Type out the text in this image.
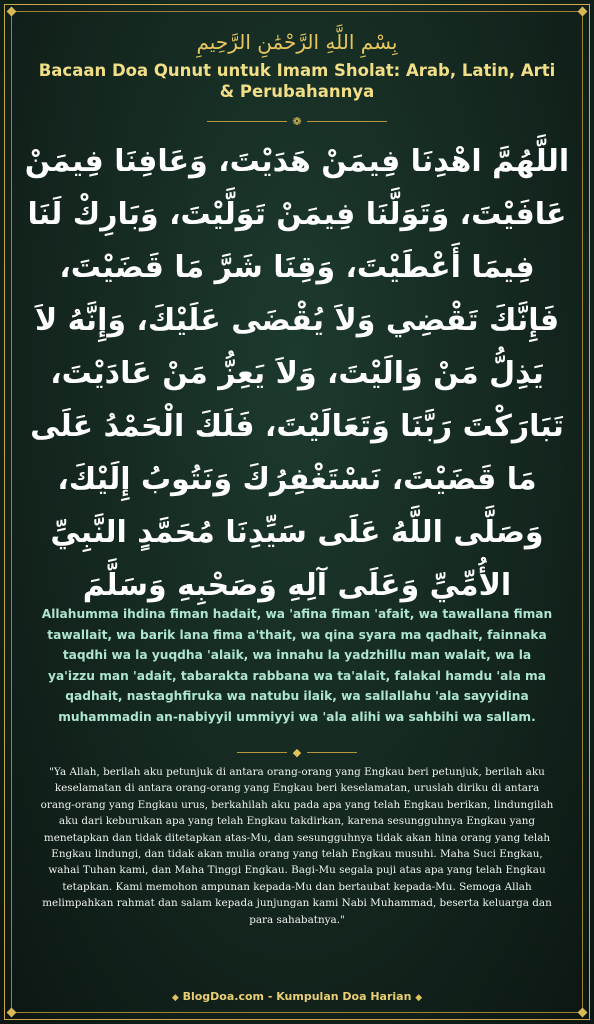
بِسْمِ اللَّهِ الرَّحْمَٰنِ الرَّحِيمِ
Bacaan Doa Qunut untuk Imam Sholat: Arab, Latin, Arti & Perubahannya
❁
اللَّهُمَّ اهْدِنَا فِيمَنْ هَدَيْتَ، وَعَافِنَا فِيمَنْ عَافَيْتَ، وَتَوَلَّنَا فِيمَنْ تَوَلَّيْتَ، وَبَارِكْ لَنَا فِيمَا أَعْطَيْتَ، وَقِنَا شَرَّ مَا قَضَيْتَ، فَإِنَّكَ تَقْضِي وَلاَ يُقْضَى عَلَيْكَ، وَإِنَّهُ لاَ يَذِلُّ مَنْ وَالَيْتَ، وَلاَ يَعِزُّ مَنْ عَادَيْتَ، تَبَارَكْتَ رَبَّنَا وَتَعَالَيْتَ، فَلَكَ الْحَمْدُ عَلَى مَا قَضَيْتَ، نَسْتَغْفِرُكَ وَنَتُوبُ إِلَيْكَ، وَصَلَّى اللَّهُ عَلَى سَيِّدِنَا مُحَمَّدٍ النَّبِيِّ الأُمِّيِّ وَعَلَى آلِهِ وَصَحْبِهِ وَسَلَّمَ
Allahumma ihdina fiman hadait, wa 'afina fiman 'afait, wa tawallana fiman tawallait, wa barik lana fima a'thait, wa qina syara ma qadhait, fainnaka taqdhi wa la yuqdha 'alaik, wa innahu la yadzhillu man walait, wa la ya'izzu man 'adait, tabarakta rabbana wa ta'alait, falakal hamdu 'ala ma qadhait, nastaghfiruka wa natubu ilaik, wa sallallahu 'ala sayyidina muhammadin an-nabiyyil ummiyyi wa 'ala alihi wa sahbihi wa sallam.
◆
"Ya Allah, berilah aku petunjuk di antara orang-orang yang Engkau beri petunjuk, berilah aku keselamatan di antara orang-orang yang Engkau beri keselamatan, uruslah diriku di antara orang-orang yang Engkau urus, berkahilah aku pada apa yang telah Engkau berikan, lindungilah aku dari keburukan apa yang telah Engkau takdirkan, karena sesungguhnya Engkau yang menetapkan dan tidak ditetapkan atas-Mu, dan sesungguhnya tidak akan hina orang yang telah Engkau lindungi, dan tidak akan mulia orang yang telah Engkau musuhi. Maha Suci Engkau, wahai Tuhan kami, dan Maha Tinggi Engkau. Bagi-Mu segala puji atas apa yang telah Engkau tetapkan. Kami memohon ampunan kepada-Mu dan bertaubat kepada-Mu. Semoga Allah melimpahkan rahmat dan salam kepada junjungan kami Nabi Muhammad, beserta keluarga dan para sahabatnya."
◆ BlogDoa.com - Kumpulan Doa Harian ◆
